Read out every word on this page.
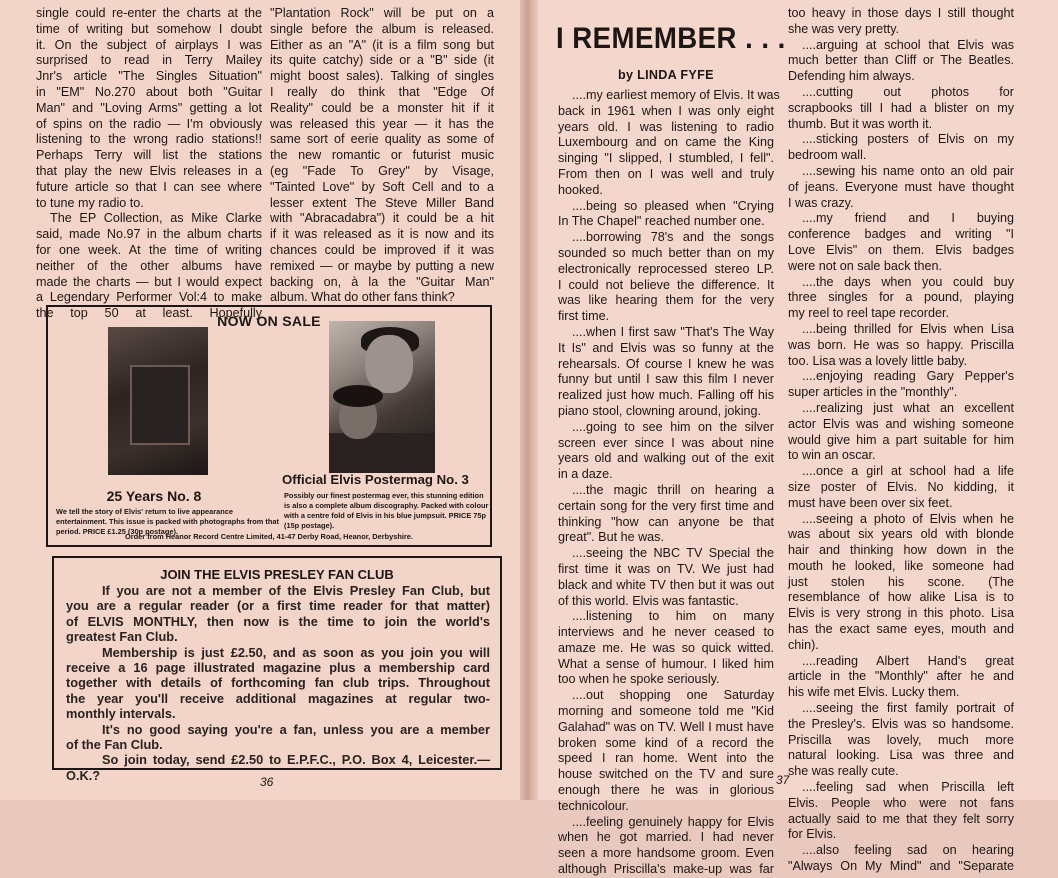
single could re-enter the charts at the
time of writing but somehow I doubt
it. On the subject of airplays I was
surprised to read in Terry Mailey
Jnr's article "The Singles Situation"
in "EM" No.270 about both "Guitar
Man" and "Loving Arms" getting a lot
of spins on the radio — I'm obviously
listening to the wrong radio stations!!
Perhaps Terry will list the stations
that play the new Elvis releases in a
future article so that I can see where
to tune my radio to.
The EP Collection, as Mike Clarke
said, made No.97 in the album charts
for one week. At the time of writing
neither of the other albums have
made the charts — but I would expect
a Legendary Performer Vol:4 to make
the top 50 at least. Hopefully
"Plantation Rock" will be put on a
single before the album is released.
Either as an "A" (it is a film song but
its quite catchy) side or a "B" side (it
might boost sales). Talking of singles
I really do think that "Edge Of
Reality" could be a monster hit if it
was released this year — it has the
same sort of eerie quality as some of
the new romantic or futurist music
(eg "Fade To Grey" by Visage,
"Tainted Love" by Soft Cell and to a
lesser extent The Steve Miller Band
with "Abracadabra") it could be a hit
if it was released as it is now and its
chances could be improved if it was
remixed — or maybe by putting a new
backing on, à la the "Guitar Man"
album. What do other fans think?
NOW ON SALE
25 Years No. 8
We tell the story of Elvis' return to live appearance entertainment. This issue is packed with photographs from that period. PRICE £1.25 (30p postage).
Official Elvis Postermag No. 3
Possibly our finest postermag ever, this stunning edition is also a complete album discography. Packed with colour with a centre fold of Elvis in his blue jumpsuit. PRICE 75p (15p postage).
Order from Heanor Record Centre Limited, 41-47 Derby Road, Heanor, Derbyshire.
JOIN THE ELVIS PRESLEY FAN CLUB
If you are not a member of the Elvis Presley Fan Club, but
you are a regular reader (or a first time reader for that matter)
of ELVIS MONTHLY, then now is the time to join the world's
greatest Fan Club.
Membership is just £2.50, and as soon as you join you will
receive a 16 page illustrated magazine plus a membership card
together with details of forthcoming fan club trips. Throughout
the year you'll receive additional magazines at regular two-
monthly intervals.
It's no good saying you're a fan, unless you are a member
of the Fan Club.
So join today, send £2.50 to E.P.F.C., P.O. Box 4, Leicester.—
O.K.?	36
I REMEMBER . . .
by LINDA FYFE
....my earliest memory of Elvis. It was
back in 1961 when I was only eight
years old. I was listening to radio
Luxembourg and on came the King
singing "I slipped, I stumbled, I fell".
From then on I was well and truly
hooked.
....being so pleased when "Crying
In The Chapel" reached number one.
....borrowing 78's and the songs
sounded so much better than on my
electronically reprocessed stereo LP.
I could not believe the difference. It
was like hearing them for the very
first time.
....when I first saw "That's The Way
It Is" and Elvis was so funny at the
rehearsals. Of course I knew he was
funny but until I saw this film I never
realized just how much. Falling off his
piano stool, clowning around, joking.
....going to see him on the silver
screen ever since I was about nine
years old and walking out of the exit
in a daze.
....the magic thrill on hearing a
certain song for the very first time and
thinking "how can anyone be that
great". But he was.
....seeing the NBC TV Special the
first time it was on TV. We just had
black and white TV then but it was out
of this world. Elvis was fantastic.
....listening to him on many
interviews and he never ceased to
amaze me. He was so quick witted.
What a sense of humour. I liked him
too when he spoke seriously.
....out shopping one Saturday
morning and someone told me "Kid
Galahad" was on TV. Well I must have
broken some kind of a record the
speed I ran home. Went into the
house switched on the TV and sure
enough there he was in glorious
technicolour.
....feeling genuinely happy for Elvis
when he got married. I had never
seen a more handsome groom. Even
although Priscilla's make-up was far
too heavy in those days I still thought
she was very pretty.
....arguing at school that Elvis was
much better than Cliff or The Beatles.
Defending him always.
....cutting out photos for
scrapbooks till I had a blister on my
thumb. But it was worth it.
....sticking posters of Elvis on my
bedroom wall.
....sewing his name onto an old pair
of jeans. Everyone must have thought
I was crazy.
....my friend and I buying
conference badges and writing "I
Love Elvis" on them. Elvis badges
were not on sale back then.
....the days when you could buy
three singles for a pound, playing
my reel to reel tape recorder.
....being thrilled for Elvis when Lisa
was born. He was so happy. Priscilla
too. Lisa was a lovely little baby.
....enjoying reading Gary Pepper's
super articles in the "monthly".
....realizing just what an excellent
actor Elvis was and wishing someone
would give him a part suitable for him
to win an oscar.
....once a girl at school had a life
size poster of Elvis. No kidding, it
must have been over six feet.
....seeing a photo of Elvis when he
was about six years old with blonde
hair and thinking how down in the
mouth he looked, like someone had
just stolen his scone. (The
resemblance of how alike Lisa is to
Elvis is very strong in this photo. Lisa
has the exact same eyes, mouth and
chin).
....reading Albert Hand's great
article in the "Monthly" after he and
his wife met Elvis. Lucky them.
....seeing the first family portrait of
the Presley's. Elvis was so handsome.
Priscilla was lovely, much more
natural looking. Lisa was three and
she was really cute.
....feeling sad when Priscilla left
Elvis. People who were not fans
actually said to me that they felt sorry
for Elvis.
....also feeling sad on hearing
"Always On My Mind" and "Separate
37
